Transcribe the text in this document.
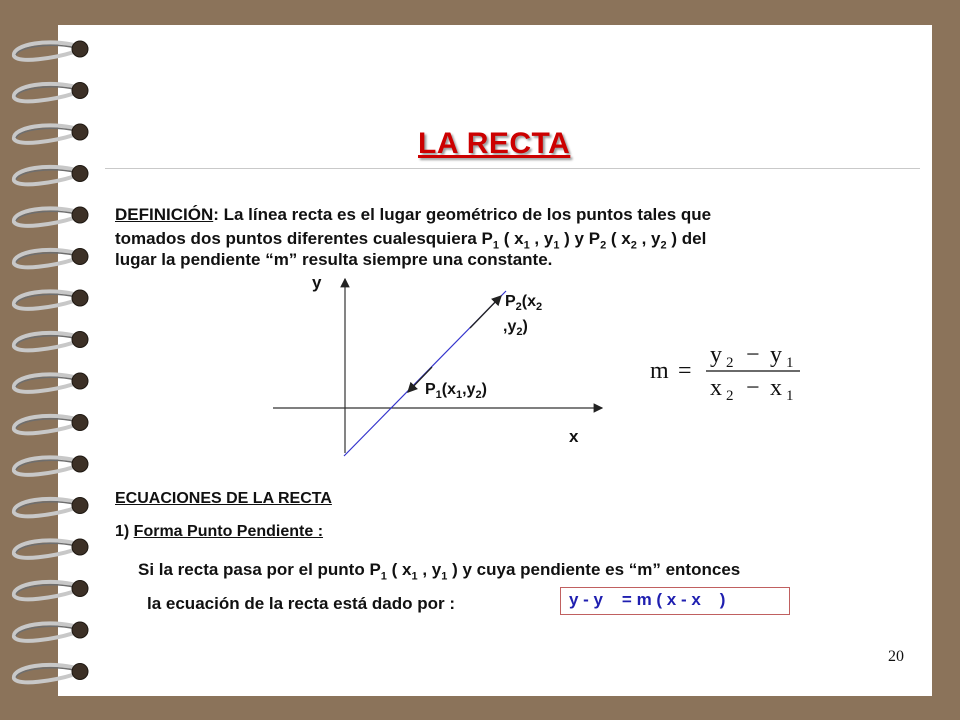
LA RECTA
DEFINICIÓN: La línea recta es el lugar geométrico de los puntos tales que
tomados dos puntos diferentes cualesquiera $P_1$ ( $x_1$ , $y_1$ ) y $P_2$ ( $x_2$ , $y_2$ ) del
lugar la pendiente “m” resulta siempre una constante.
y
x
$P_2(x_2$
$,y_2$)
$P_1(x_1,y_2)$
m =
y 2 − y 1
x 2 − x 1
ECUACIONES DE LA RECTA
1) Forma Punto Pendiente :
Si la recta pasa por el punto $P_1$ ( $x_1$ , $y_1$ ) y cuya pendiente es “m” entonces
la ecuación de la recta está dado por :	y - y    = m ( x - x    )
20
